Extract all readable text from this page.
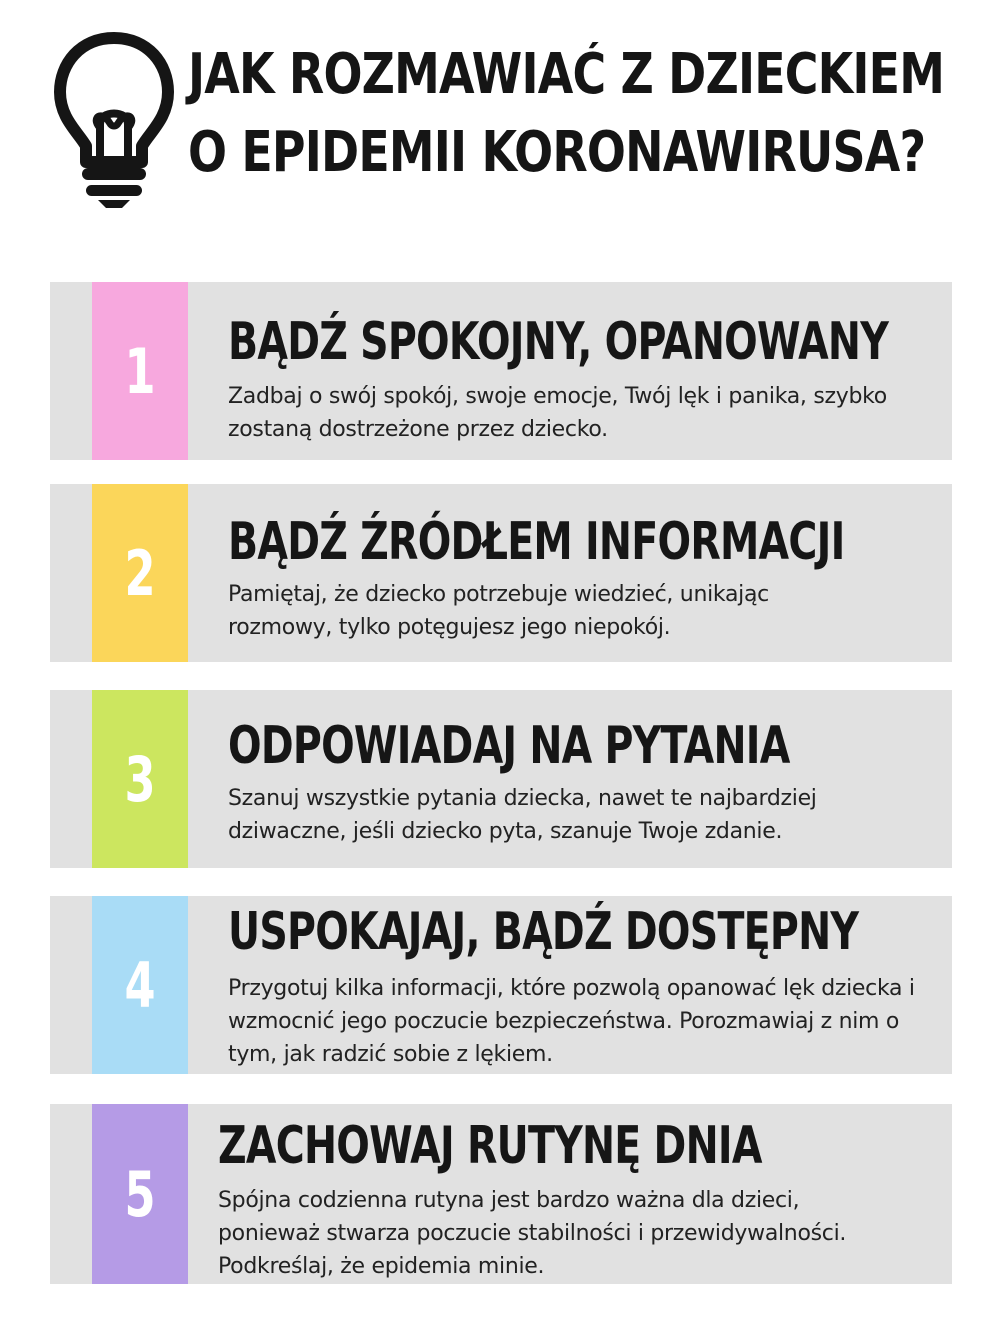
JAK ROZMAWIAĆ Z DZIECKIEM
O EPIDEMII KORONAWIRUSA?
1	BĄDŹ SPOKOJNY, OPANOWANY

Zadbaj o swój spokój, swoje emocje, Twój lęk i panika, szybko zostaną dostrzeżone przez dziecko.

2	BĄDŹ ŹRÓDŁEM INFORMACJI

Pamiętaj, że dziecko potrzebuje wiedzieć, unikając rozmowy, tylko potęgujesz jego niepokój.

3	ODPOWIADAJ NA PYTANIA

Szanuj wszystkie pytania dziecka, nawet te najbardziej dziwaczne, jeśli dziecko pyta, szanuje Twoje zdanie.

4
USPOKAJAJ, BĄDŹ DOSTĘPNY

Przygotuj kilka informacji, które pozwolą opanować lęk dziecka i wzmocnić jego poczucie bezpieczeństwa. Porozmawiaj z nim o tym, jak radzić sobie z lękiem.

5
ZACHOWAJ RUTYNĘ DNIA

Spójna codzienna rutyna jest bardzo ważna dla dzieci, ponieważ stwarza poczucie stabilności i przewidywalności. Podkreślaj, że epidemia minie.
